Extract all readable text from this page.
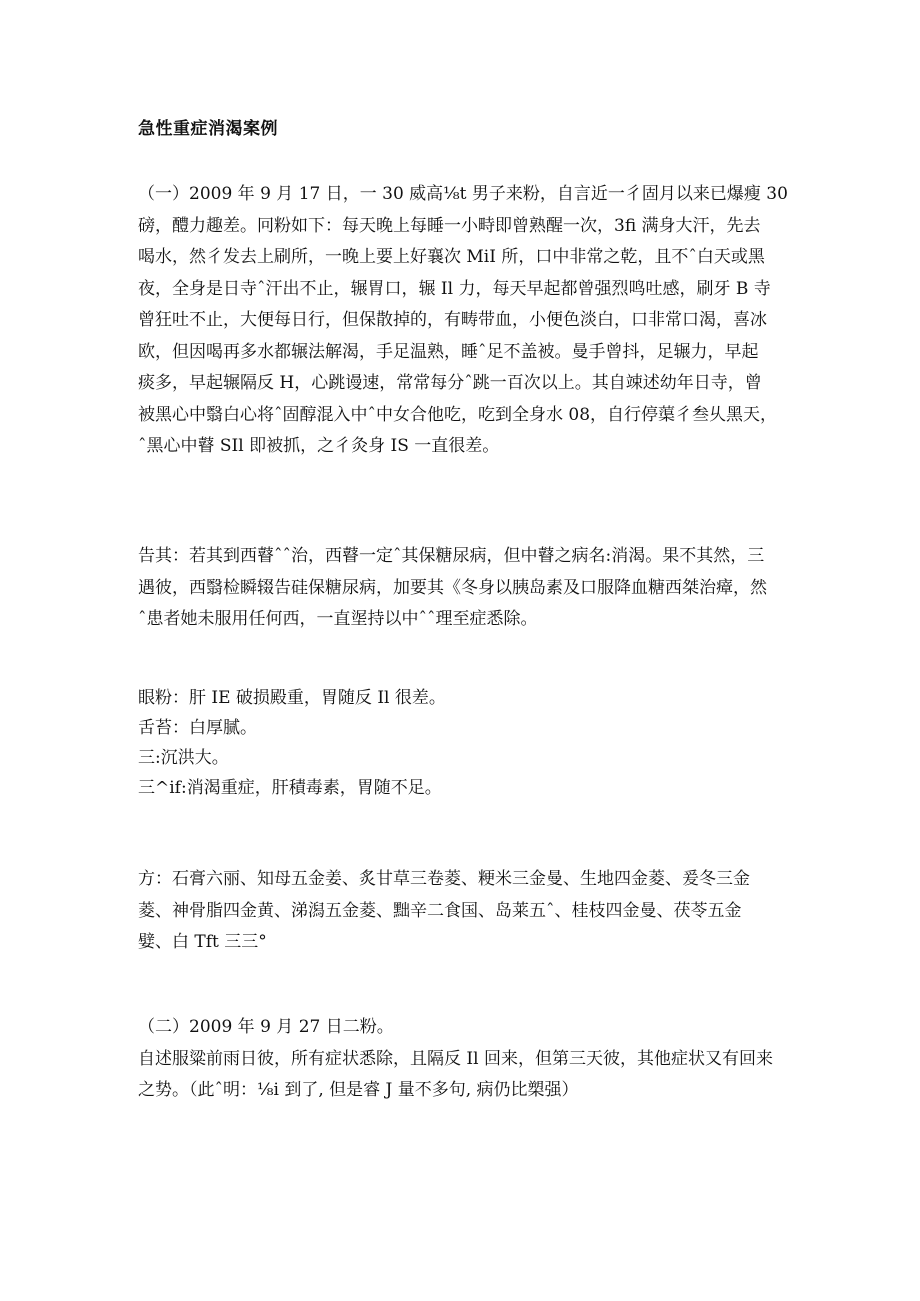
急性重症消渴案例
（一）2009 年 9 月 17 日，一 30 威高⅛t 男子来粉，自言近一彳固月以来已爆瘦 30
磅，醴力趣差。冋粉如下：每天晚上每睡一小畤即曾熟醒一次，3fi 满身大汗，先去
喝水，然彳发去上刷所，一晚上要上好襄次 MiI 所，口中非常之乾，且不ˆ白天或黑
夜，全身是日寺ˆ汗出不止，辗胃口，辗 Il 力，每天早起都曾强烈鸣吐感，刷牙 B 寺
曾狂吐不止，大便每日行，但保散掉的，有畴带血，小便色淡白，口非常口渴，喜冰
欧，但因喝再多水都辗法解渴，手足温熟，睡ˆ足不盖被。曼手曾抖，足辗力，早起
痰多，早起辗隔反 H，心跳谩速，常常每分ˆ跳一百次以上。其自竦述幼年日寺，曾
被黑心中翳白心将ˆ固醇混入中ˆ中女合他吃，吃到全身水 08，自行停蕖彳叁乆黑天，
ˆ黑心中瞽 SIl 即被抓，之彳灸身 IS 一直很差。
告其：若其到西瞽ˆˆ治，西瞽一定ˆ其保糖尿病，但中瞽之病名:消渴。果不其然，三
遇彼，西翳检瞬辍告硅保糖尿病，加要其《冬身以胰岛素及口服降血糖西桀治瘴，然
ˆ患者她未服用任何西，一直埿持以中ˆˆ理至症悉除。
眼粉：肝 IE 破损殿重，胃随反 Il 很差。
舌苔：白厚腻。
三:沉洪大。
三^if:消渴重症，肝積毒素，胃随不足。
方：石膏六丽、知母五金姜、炙甘草三卷菱、粳米三金曼、生地四金菱、爰冬三金
菱、神骨脂四金黄、涕潟五金菱、黜辛二食国、岛莱五ˆ、桂枝四金曼、茯苓五金
嬖、白 Tft 三三°
（二）2009 年 9 月 27 日二粉。
自述服粱前雨日彼，所有症状悉除，且隔反 Il 回来，但第三天彼，其他症状又有回来
之势。（此ˆ明：⅛i 到了, 但是睿 J 量不多句, 病仍比槊强）
